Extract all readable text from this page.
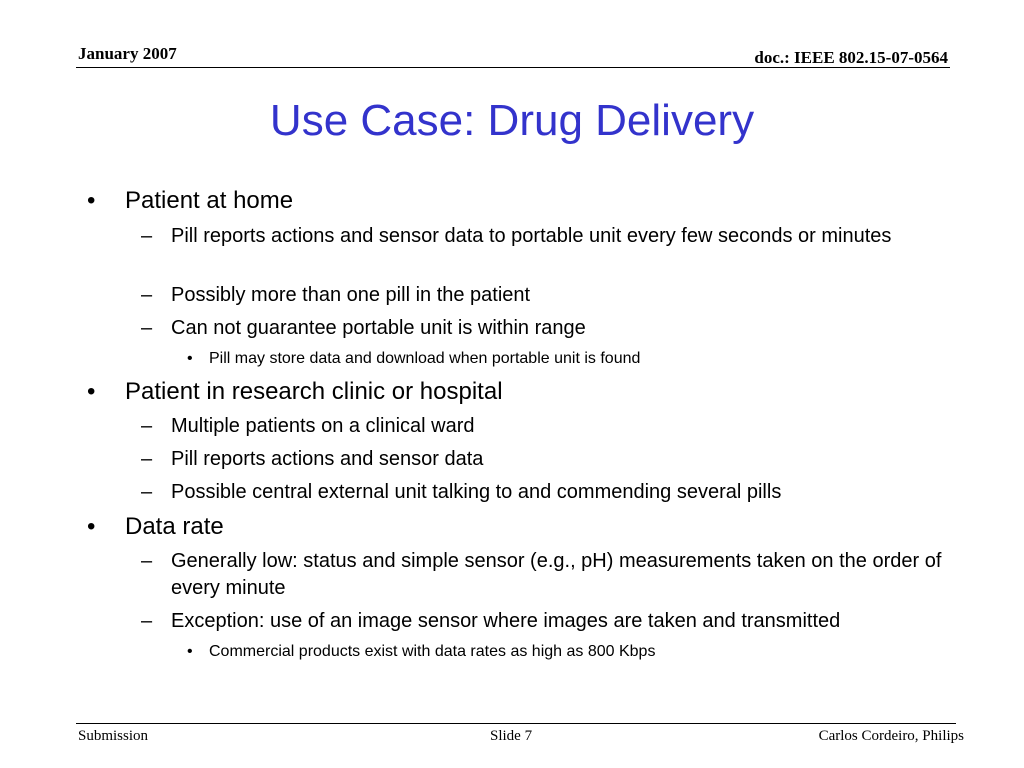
January 2007	doc.: IEEE 802.15-07-0564
Use Case: Drug Delivery
• Patient at home
– Pill reports actions and sensor data to portable unit every few seconds or minutes
– Possibly more than one pill in the patient
– Can not guarantee portable unit is within range
• Pill may store data and download when portable unit is found
• Patient in research clinic or hospital
– Multiple patients on a clinical ward
– Pill reports actions and sensor data
– Possible central external unit talking to and commending several pills
• Data rate
– Generally low: status and simple sensor (e.g., pH) measurements taken on the order of every minute
– Exception: use of an image sensor where images are taken and transmitted
• Commercial products exist with data rates as high as 800 Kbps
Submission	Slide 7	Carlos Cordeiro, Philips
